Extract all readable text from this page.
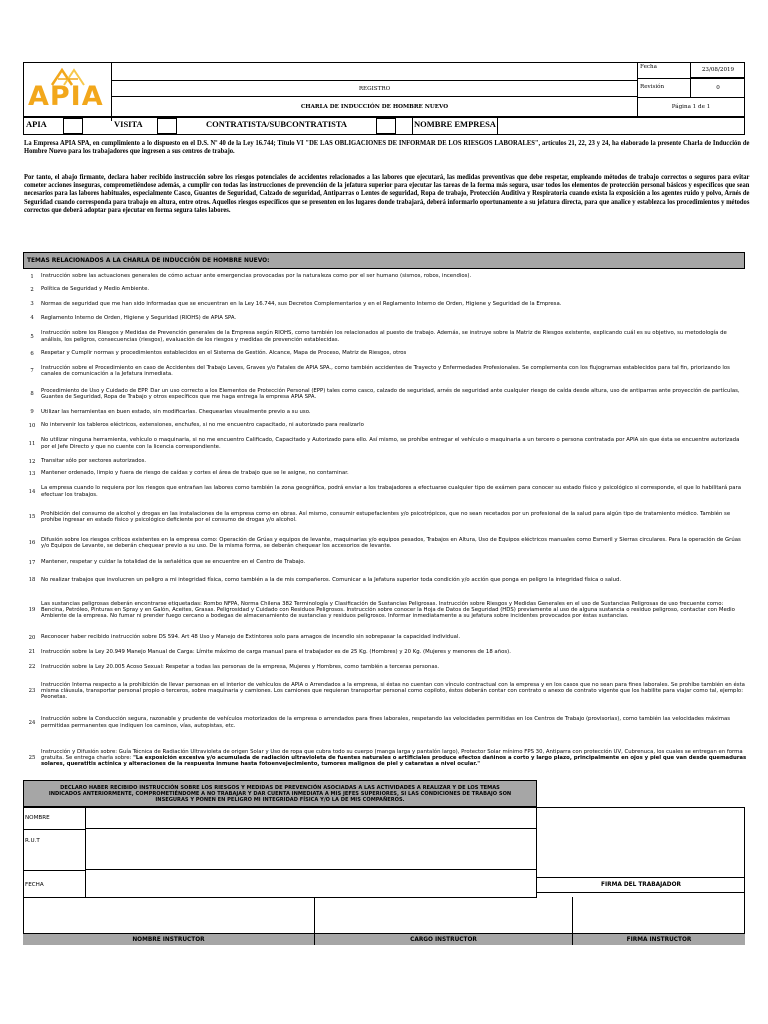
APIA	REGISTRO
CHARLA DE INDUCCIÓN DE HOMBRE NUEVO
Fecha	23/08/2019
Revisión	0
Página 1 de 1
APIA	VISITA	CONTRATISTA/SUBCONTRATISTA	NOMBRE EMPRESA
La Empresa APIA SPA, en cumplimiento a lo dispuesto en el D.S. Nº 40 de la Ley 16.744; Título VI "DE LAS OBLIGACIONES DE INFORMAR DE LOS RIESGOS LABORALES", artículos 21, 22, 23 y 24, ha elaborado la presente Charla de Inducción de Hombre Nuevo para los trabajadores que ingresen a sus centros de trabajo.
Por tanto, el abajo firmante, declara haber recibido instrucción sobre los riesgos potenciales de accidentes relacionados a las labores que ejecutará, las medidas preventivas que debe respetar, empleando métodos de trabajo correctos o seguros para evitar cometer acciones inseguras, comprometiéndose además, a cumplir con todas las instrucciones de prevención de la jefatura superior para ejecutar las tareas de la forma más segura, usar todos los elementos de protección personal básicos y específicos que sean necesarios para las labores habituales, especialmente Casco, Guantes de Seguridad, Calzado de seguridad, Antiparras o Lentes de seguridad, Ropa de trabajo, Protección Auditiva y Respiratoria cuando exista la exposición a los agentes ruido y polvo, Arnés de Seguridad cuando corresponda para trabajo en altura, entre otros. Aquellos riesgos específicos que se presenten en los lugares donde trabajará, deberá informarlo oportunamente a su jefatura directa, para que analice y establezca los procedimientos y métodos correctos que deberá adoptar para ejecutar en forma segura tales labores.
TEMAS RELACIONADOS A LA CHARLA DE INDUCCIÓN DE HOMBRE NUEVO:
1	Instrucción sobre las actuaciones generales de cómo actuar ante emergencias provocadas por la naturaleza como por el ser humano (sismos, robos, incendios).
2	Política de Seguridad y Medio Ambiente.
3	Normas de seguridad que me han sido informadas que se encuentran en la Ley 16.744, sus Decretos Complementarios y en el Reglamento Interno de Orden, Higiene y Seguridad de la Empresa.
4	Reglamento Interno de Orden, Higiene y Seguridad (RIOHS) de APIA SPA.
5
Instrucción sobre los Riesgos y Medidas de Prevención generales de la Empresa según RIOHS, como también los relacionados al puesto de trabajo. Además, se instruye sobre la Matriz de Riesgos existente, explicando cuál es su objetivo, su metodología de análisis, los peligros, consecuencias (riesgos), evaluación de los riesgos y medidas de prevención establecidas.
6	Respetar y Cumplir normas y procedimientos establecidos en el Sistema de Gestión. Alcance, Mapa de Proceso, Matriz de Riesgos, otros
7
Instrucción sobre el Procedimiento en caso de Accidentes del Trabajo Leves, Graves y/o Fatales de APIA SPA., como también accidentes de Trayecto y Enfermedades Profesionales. Se complementa con los flujogramas establecidos para tal fin, priorizando los canales de comunicación a la Jefatura inmediata.
8
Procedimiento de Uso y Cuidado de EPP. Dar un uso correcto a los Elementos de Protección Personal (EPP) tales como casco, calzado de seguridad, arnés de seguridad ante cualquier riesgo de caída desde altura, uso de antiparras ante proyección de partículas, Guantes de Seguridad, Ropa de Trabajo y otros específicos que me haga entrega la empresa APIA SPA.
9	Utilizar las herramientas en buen estado, sin modificarlas. Chequearlas visualmente previo a su uso.
10	No intervenir los tableros eléctricos, extensiones, enchufes, si no me encuentro capacitado, ni autorizado para realizarlo
11
No utilizar ninguna herramienta, vehículo o maquinaria, si no me encuentro Calificado, Capacitado y Autorizado para ello. Así mismo, se prohíbe entregar el vehículo o maquinaria a un tercero o persona contratada por APIA sin que ésta se encuentre autorizada por el Jefe Directo y que no cuente con la licencia correspondiente.
12	Transitar sólo por sectores autorizados.
13	Mantener ordenado, limpio y fuera de riesgo de caídas y cortes el área de trabajo que se le asigne, no contaminar.
14
La empresa cuando lo requiera por los riesgos que entrañan las labores como también la zona geográfica, podrá enviar a los trabajadores a efectuarse cualquier tipo de exámen para conocer su estado físico y psicológico si corresponde, el que lo habilitará para efectuar los trabajos.
15
Prohibición del consumo de alcohol y drogas en las instalaciones de la empresa como en obras. Así mismo, consumir estupefacientes y/o psicotrópicos, que no sean recetados por un profesional de la salud para algún tipo de tratamiento médico. También se prohíbe ingresar en estado físico y psicológico deficiente por el consumo de drogas y/o alcohol.
16
Difusión sobre los riesgos críticos existentes en la empresa como: Operación de Grúas y equipos de levante, maquinarias y/o equipos pesados, Trabajos en Altura, Uso de Equipos eléctricos manuales como Esmeril y Sierras circulares. Para la operación de Grúas y/o Equipos de Levante, se deberán chequear previo a su uso. De la misma forma, se deberán chequear los accesorios de levante.
17	Mantener, respetar y cuidar la totalidad de la señalética que se encuentre en el Centro de Trabajo.
18	No realizar trabajos que involucren un peligro a mi integridad física, como también a la de mis compañeros. Comunicar a la Jefatura superior toda condición y/o acción que ponga en peligro la integridad física o salud.
19
Las sustancias peligrosas deberán encontrarse etiquetadas: Rombo NFPA, Norma Chilena 382 Terminología y Clasificación de Sustancias Peligrosas. Instrucción sobre Riesgos y Medidas Generales en el uso de Sustancias Peligrosas de uso frecuente como: Bencina, Petróleo, Pinturas en Spray y en Galón, Aceites, Grasas. Peligrosidad y Cuidado con Residuos Peligrosos. Instrucción sobre conocer la Hoja de Datos de Seguridad (HDS) previamente al uso de alguna sustancia o residuo peligroso, contactar con Medio Ambiente de la empresa. No fumar ni prender fuego cercano a bodegas de almacenamiento de sustancias y residuos peligrosos. Informar inmediatamente a su jefatura sobre incidentes provocados por éstas sustancias.
20	Reconocer haber recibido instrucción sobre DS 594. Art 48 Uso y Manejo de Extintores solo para amagos de incendio sin sobrepasar la capacidad individual.
21	Instrucción sobre la Ley 20.949 Manejo Manual de Carga: Límite máximo de carga manual para el trabajador es de 25 Kg. (Hombres) y 20 Kg. (Mujeres y menores de 18 años).
22	Instrucción sobre la Ley 20.005 Acoso Sexual: Respetar a todas las personas de la empresa, Mujeres y Hombres, como también a terceras personas.
23
Instrucción Interna respecto a la prohibición de llevar personas en el interior de vehículos de APIA o Arrendados a la empresa, si éstas no cuentan con vínculo contractual con la empresa y en los casos que no sean para fines laborales. Se prohíbe también en ésta misma cláusula, transportar personal propio o terceros, sobre maquinaria y camiones. Los camiones que requieran transportar personal como copiloto, éstos deberán contar con contrato o anexo de contrato vigente que los habilite para viajar como tal, ejemplo: Peonetas.
24
Instrucción sobre la Conducción segura, razonable y prudente de vehículos motorizados de la empresa o arrendados para fines laborales, respetando las velocidades permitidas en los Centros de Trabajo (provisorias), como también las velocidades máximas permitidas permanentes que indiquen los caminos, vías, autopistas, etc.
25
Instrucción y Difusión sobre: Guía Técnica de Radiación Ultravioleta de origen Solar y Uso de ropa que cubra todo su cuerpo (manga larga y pantalón largo), Protector Solar mínimo FPS 30, Antiparra con protección UV, Cubrenuca, los cuales se entregan en forma gratuita. Se entrega charla sobre: "La exposición excesiva y/o acumulada de radiación ultravioleta de fuentes naturales o artificiales produce efectos dañinos a corto y largo plazo, principalmente en ojos y piel que van desde quemaduras solares, queratitis actínica y alteraciones de la respuesta inmune hasta fotoenvejecimiento, tumores malignos de piel y cataratas a nivel ocular."
DECLARO HABER RECIBIDO INSTRUCCIÓN SOBRE LOS RIESGOS Y MEDIDAS DE PREVENCIÓN ASOCIADAS A LAS ACTIVIDADES A REALIZAR Y DE LOS TEMAS INDICADOS ANTERIORMENTE, COMPROMETIÉNDOME A NO TRABAJAR Y DAR CUENTA INMEDIATA A MIS JEFES SUPERIORES, SI LAS CONDICIONES DE TRABAJO SON INSEGURAS Y PONEN EN PELIGRO MI INTEGRIDAD FÍSICA Y/O LA DE MIS COMPAÑEROS.
NOMBRE
R.U.T
FECHA	FIRMA DEL TRABAJADOR
NOMBRE INSTRUCTOR	CARGO INSTRUCTOR	FIRMA INSTRUCTOR
